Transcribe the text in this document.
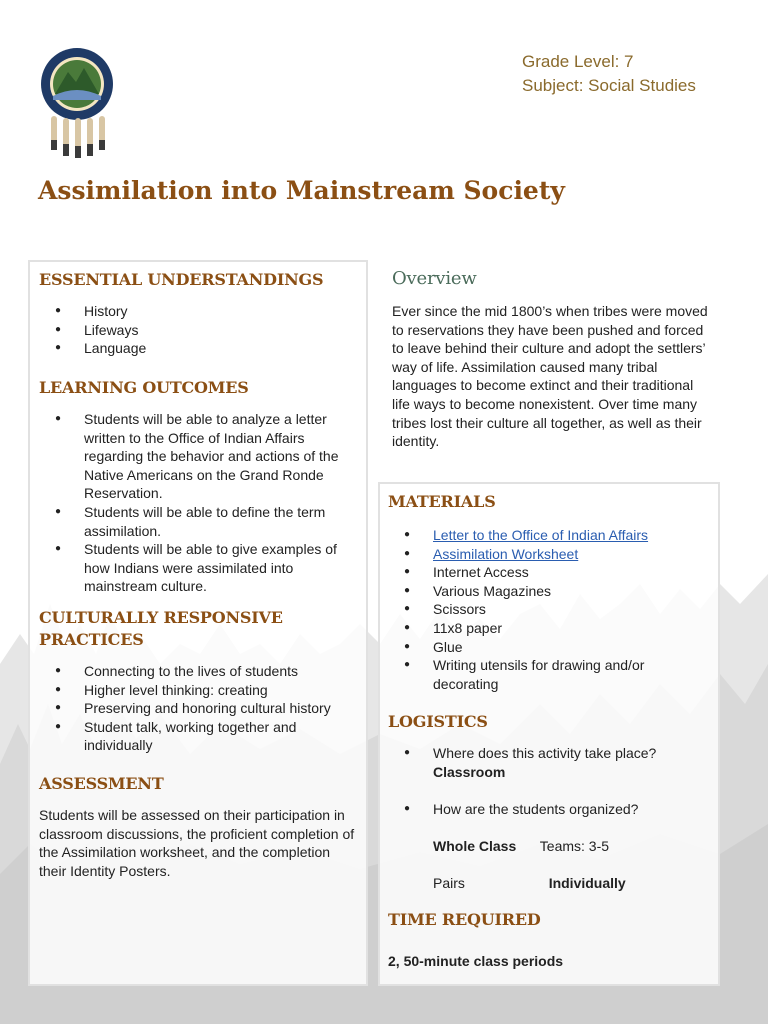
Grade Level: 7
Subject: Social Studies
Assimilation into Mainstream Society
ESSENTIAL UNDERSTANDINGS
● History
● Lifeways
● Language
LEARNING OUTCOMES
● Students will be able to analyze a letter written to the Office of Indian Affairs regarding the behavior and actions of the Native Americans on the Grand Ronde Reservation.
● Students will be able to define the term assimilation.
● Students will be able to give examples of how Indians were assimilated into mainstream culture.
CULTURALLY RESPONSIVE
PRACTICES
● Connecting to the lives of students
● Higher level thinking: creating
● Preserving and honoring cultural history
● Student talk, working together and individually
ASSESSMENT

Students will be assessed on their participation in classroom discussions, the proficient completion of the Assimilation worksheet, and the completion their Identity Posters.

Overview

Ever since the mid 1800’s when tribes were moved to reservations they have been pushed and forced to leave behind their culture and adopt the settlers’ way of life. Assimilation caused many tribal languages to become extinct and their traditional life ways to become nonexistent. Over time many tribes lost their culture all together, as well as their identity.

MATERIALS
● Letter to the Office of Indian Affairs
● Assimilation Worksheet
● Internet Access
● Various Magazines
● Scissors
● 11x8 paper
● Glue
● Writing utensils for drawing and/or decorating
LOGISTICS
● Where does this activity take place?
Classroom
● How are the students organized?
Whole Class Teams: 3-5
Pairs	Individually
TIME REQUIRED

2, 50-minute class periods
